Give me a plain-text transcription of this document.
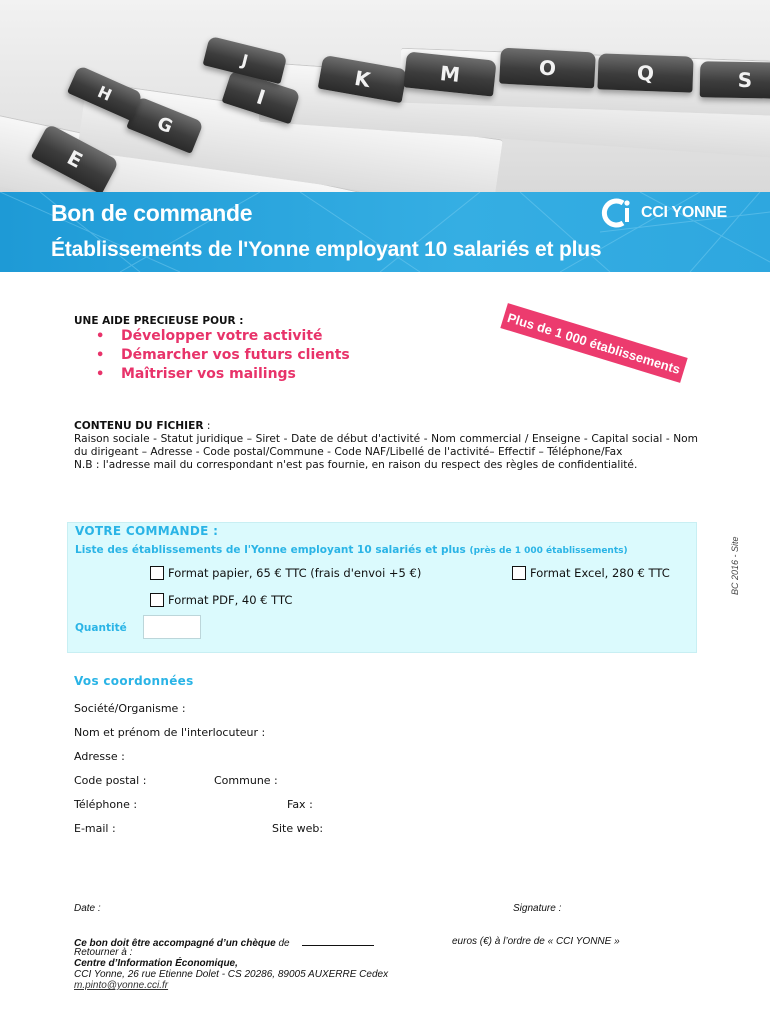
E
G
H	I
J
K	M	O	Q	S
Bon de commande
Établissements de l'Yonne employant 10 salariés et plus
CCI YONNE
UNE AIDE PRECIEUSE POUR :
• Développer votre activité
• Démarcher vos futurs clients
• Maîtriser vos mailings	Plus de 1 000 établissements
CONTENU DU FICHIER :

Raison sociale - Statut juridique – Siret - Date de début d'activité - Nom commercial / Enseigne - Capital social - Nom du dirigeant – Adresse - Code postal/Commune - Code NAF/Libellé de l'activité– Effectif – Téléphone/Fax

N.B : l'adresse mail du correspondant n'est pas fournie, en raison du respect des règles de confidentialité.

VOTRE COMMANDE :
Liste des établissements de l'Yonne employant 10 salariés et plus (près de 1 000 établissements)
Format papier, 65 € TTC (frais d'envoi +5 €)	Format Excel, 280 € TTC
Format PDF, 40 € TTC
Quantité
BC 2016 - Site
Vos coordonnées
Société/Organisme :
Nom et prénom de l'interlocuteur :
Adresse :
Code postal :	Commune :
Téléphone :	Fax :
E-mail :	Site web:
Date :	Signature :
Ce bon doit être accompagné d’un chèque de	euros (€) à l’ordre de « CCI YONNE »
Retourner à :
Centre d’Information Économique,
CCI Yonne, 26 rue Etienne Dolet - CS 20286, 89005 AUXERRE Cedex
m.pinto@yonne.cci.fr
